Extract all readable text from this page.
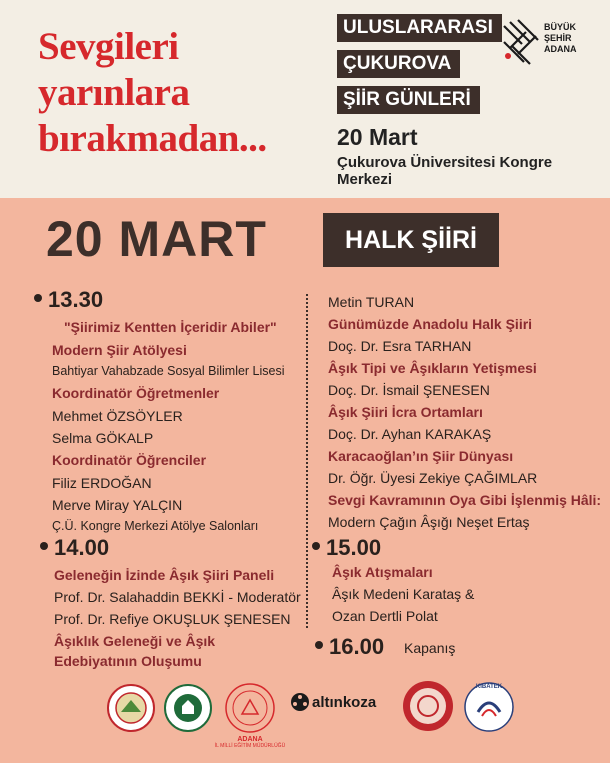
Sevgileri
yarınlara
bırakmadan...
ULUSLARARASI
ÇUKUROVA
ŞİİR GÜNLERİ
20 Mart
Çukurova Üniversitesi Kongre Merkezi
BÜYÜK
ŞEHİR
ADANA
20 MART	HALK ŞİİRİ
13.30
"Şiirimiz Kentten İçeridir Abiler"
Modern Şiir Atölyesi
Bahtiyar Vahabzade Sosyal Bilimler Lisesi
Koordinatör Öğretmenler
Mehmet ÖZSÖYLER
Selma GÖKALP
Koordinatör Öğrenciler
Filiz ERDOĞAN
Merve Miray YALÇIN
Ç.Ü. Kongre Merkezi Atölye Salonları
14.00
Geleneğin İzinde Âşık Şiiri Paneli
Prof. Dr. Salahaddin BEKKİ - Moderatör
Prof. Dr. Refiye OKUŞLUK ŞENESEN
Âşıklık Geleneği ve Âşık
Edebiyatının Oluşumu
Metin TURAN
Günümüzde Anadolu Halk Şiiri
Doç. Dr. Esra TARHAN
Âşık Tipi ve Âşıkların Yetişmesi
Doç. Dr. İsmail ŞENESEN
Âşık Şiiri İcra Ortamları
Doç. Dr. Ayhan KARAKAŞ
Karacaoğlan’ın Şiir Dünyası
Dr. Öğr. Üyesi Zekiye ÇAĞIMLAR
Sevgi Kavramının Oya Gibi İşlenmiş Hâli:
Modern Çağın Âşığı Neşet Ertaş
15.00
Âşık Atışmaları
Âşık Medeni Karataş &
Ozan Dertli Polat
16.00 Kapanış
ADANA
İL MİLLİ EĞİTİM MÜDÜRLÜĞÜ
altınkoza
KIBATEK
